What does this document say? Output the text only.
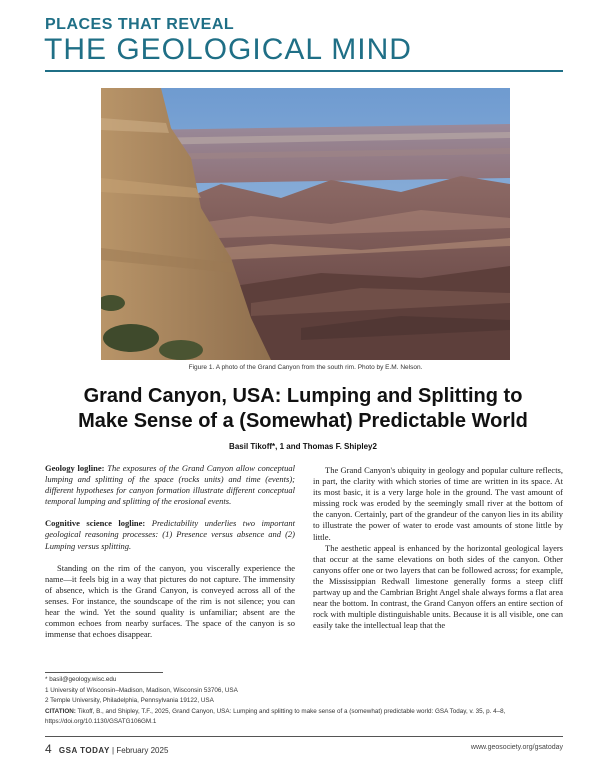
PLACES THAT REVEAL
THE GEOLOGICAL MIND
Figure 1. A photo of the Grand Canyon from the south rim. Photo by E.M. Nelson.
Grand Canyon, USA: Lumping and Splitting to
Make Sense of a (Somewhat) Predictable World
Basil Tikoff*, 1 and Thomas F. Shipley2

Geology logline: The exposures of the Grand Canyon allow conceptual lumping and splitting of the space (rocks units) and time (events); different hypotheses for canyon formation illustrate different conceptual temporal lumping and splitting of the erosional events.

Cognitive science logline: Predictability underlies two important geological reasoning processes: (1) Presence versus absence and (2) Lumping versus splitting.

Standing on the rim of the canyon, you viscerally experience the name—it feels big in a way that pictures do not capture. The immensity of absence, which is the Grand Canyon, is conveyed across all of the senses. For instance, the soundscape of the rim is not silence; you can hear the wind. Yet the sound quality is unfamiliar; absent are the common echoes from nearby surfaces. The space of the canyon is so immense that echoes disappear.

The Grand Canyon's ubiquity in geology and popular culture reflects, in part, the clarity with which stories of time are written in its space. At its most basic, it is a very large hole in the ground. The vast amount of missing rock was eroded by the seemingly small river at the bottom of the canyon. Certainly, part of the grandeur of the canyon lies in its ability to illustrate the power of water to erode vast amounts of stone little by little.

The aesthetic appeal is enhanced by the horizontal geological layers that occur at the same elevations on both sides of the canyon. Other canyons offer one or two layers that can be followed across; for example, the Mississippian Redwall limestone generally forms a steep cliff partway up and the Cambrian Bright Angel shale always forms a flat area near the bottom. In contrast, the Grand Canyon offers an entire section of rock with multiple distinguishable units. Because it is all visible, one can easily take the intellectual leap that the

* basil@geology.wisc.edu
1 University of Wisconsin–Madison, Madison, Wisconsin 53706, USA
2 Temple University, Philadelphia, Pennsylvania 19122, USA
CITATION: Tikoff, B., and Shipley, T.F., 2025, Grand Canyon, USA: Lumping and splitting to make sense of a (somewhat) predictable world: GSA Today, v. 35, p. 4–8,
https://doi.org/10.1130/GSATG106GM.1
4 GSA TODAY | February 2025	www.geosociety.org/gsatoday
